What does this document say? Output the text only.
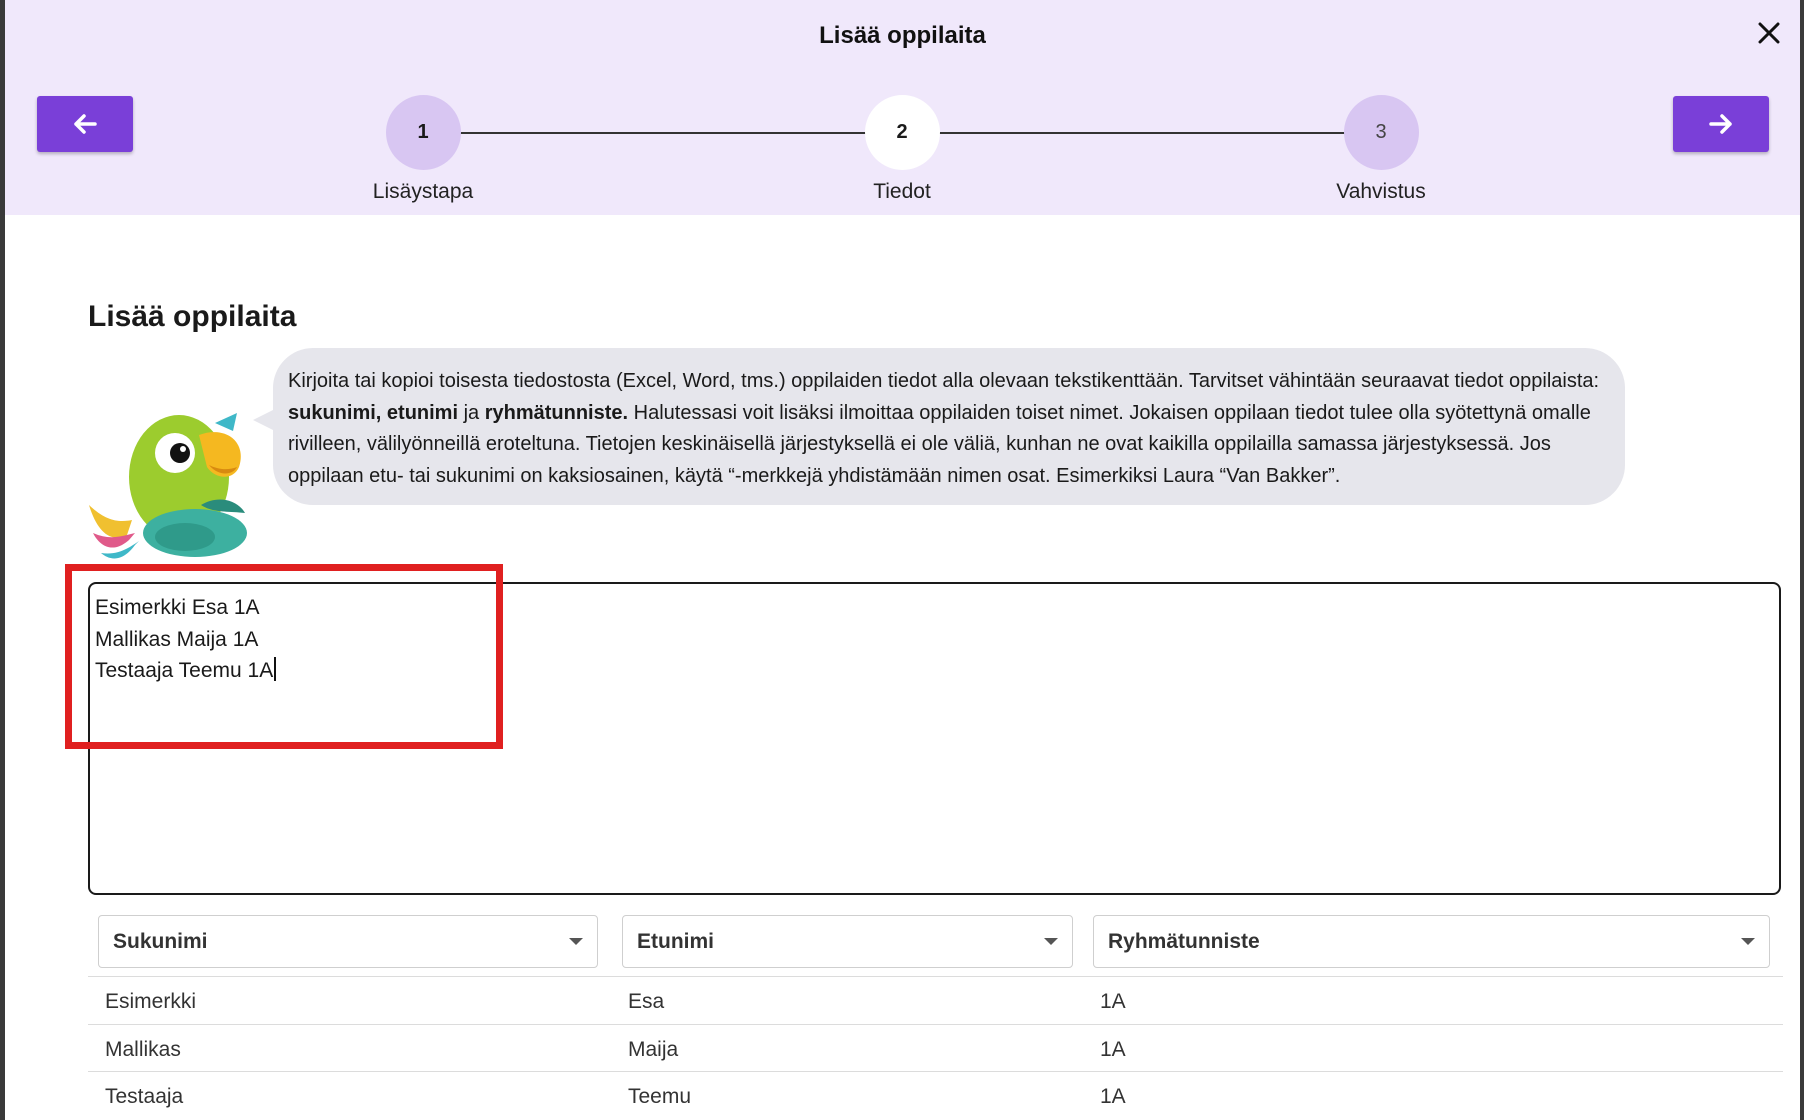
Lisää oppilaita
1
Lisäystapa
2
Tiedot
3
Vahvistus
Lisää oppilaita
Kirjoita tai kopioi toisesta tiedostosta (Excel, Word, tms.) oppilaiden tiedot alla olevaan tekstikenttään. Tarvitset vähintään seuraavat tiedot oppilaista: sukunimi, etunimi ja ryhmätunniste. Halutessasi voit lisäksi ilmoittaa oppilaiden toiset nimet. Jokaisen oppilaan tiedot tulee olla syötettynä omalle rivilleen, välilyönneillä eroteltuna. Tietojen keskinäisellä järjestyksellä ei ole väliä, kunhan ne ovat kaikilla oppilailla samassa järjestyksessä. Jos oppilaan etu- tai sukunimi on kaksiosainen, käytä “-merkkejä yhdistämään nimen osat. Esimerkiksi Laura “Van Bakker”.
Esimerkki Esa 1A
Mallikas Maija 1A
Testaaja Teemu 1A
Sukunimi	Etunimi	Ryhmätunniste
Esimerkki	Esa	1A
Mallikas	Maija	1A
Testaaja	Teemu	1A
